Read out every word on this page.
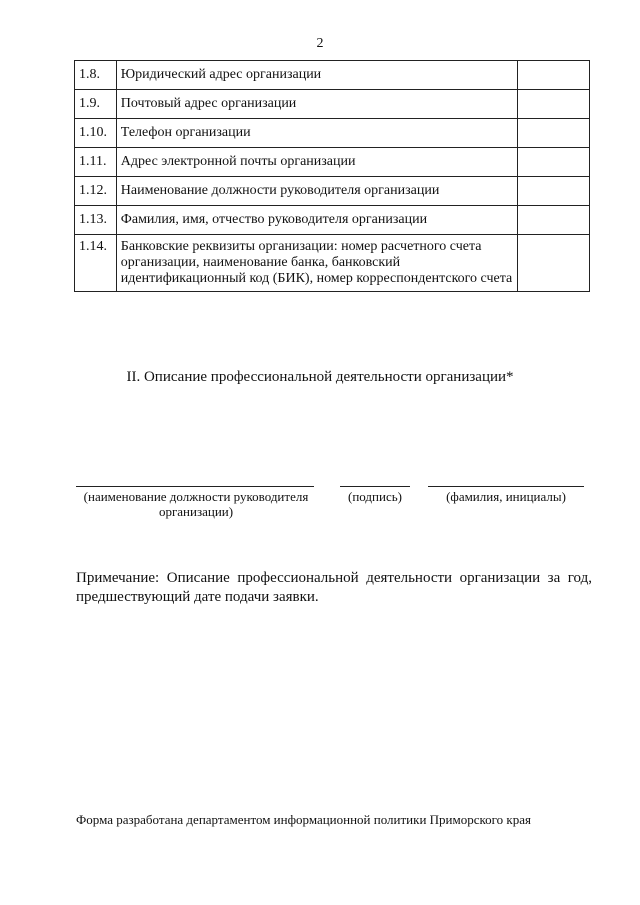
2
1.8.	Юридический адрес организации	
1.9.	Почтовый адрес организации	
1.10.	Телефон организации	
1.11.	Адрес электронной почты организации	
1.12.	Наименование должности руководителя организации	
1.13.	Фамилия, имя, отчество руководителя организации	
1.14.	Банковские реквизиты организации: номер расчетного счета организации, наименование банка, банковский идентификационный код (БИК), номер корреспондентского счета	
II. Описание профессиональной деятельности организации*
(наименование должности руководителя организации)
(подпись)	(фамилия, инициалы)
Примечание: Описание профессиональной деятельности организации за год, предшествующий дате подачи заявки.
Форма разработана департаментом информационной политики Приморского края
